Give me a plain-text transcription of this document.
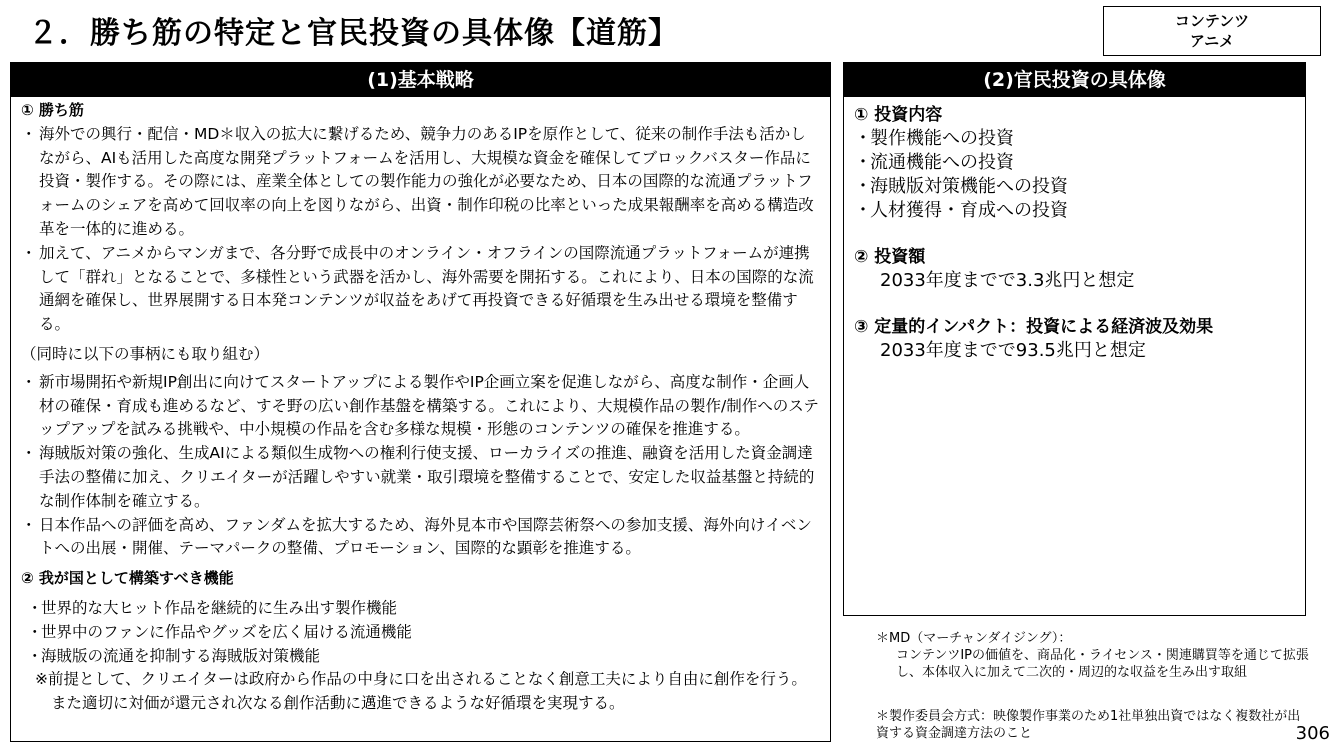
２．勝ち筋の特定と官民投資の具体像【道筋】	コンテンツ
アニメ
(1)基本戦略

① 勝ち筋

・ 海外での興行・配信・MD＊収入の拡大に繋げるため、競争力のあるIPを原作として、従来の制作手法も活かしながら、AIも活用した高度な開発プラットフォームを活用し、大規模な資金を確保してブロックバスター作品に投資・製作する。その際には、産業全体としての製作能力の強化が必要なため、日本の国際的な流通プラットフォームのシェアを高めて回収率の向上を図りながら、出資・制作印税の比率といった成果報酬率を高める構造改革を一体的に進める。

・ 加えて、アニメからマンガまで、各分野で成長中のオンライン・オフラインの国際流通プラットフォームが連携して「群れ」となることで、多様性という武器を活かし、海外需要を開拓する。これにより、日本の国際的な流通網を確保し、世界展開する日本発コンテンツが収益をあげて再投資できる好循環を生み出せる環境を整備する。

（同時に以下の事柄にも取り組む）

・ 新市場開拓や新規IP創出に向けてスタートアップによる製作やIP企画立案を促進しながら、高度な制作・企画人材の確保・育成も進めるなど、すそ野の広い創作基盤を構築する。これにより、大規模作品の製作/制作へのステップアップを試みる挑戦や、中小規模の作品を含む多様な規模・形態のコンテンツの確保を推進する。

・ 海賊版対策の強化、生成AIによる類似生成物への権利行使支援、ローカライズの推進、融資を活用した資金調達手法の整備に加え、クリエイターが活躍しやすい就業・取引環境を整備することで、安定した収益基盤と持続的な制作体制を確立する。

・ 日本作品への評価を高め、ファンダムを拡大するため、海外見本市や国際芸術祭への参加支援、海外向けイベントへの出展・開催、テーマパークの整備、プロモーション、国際的な顕彰を推進する。

② 我が国として構築すべき機能

・
世界的な大ヒット作品を継続的に生み出す製作機能

・
世界中のファンに作品やグッズを広く届ける流通機能

・
海賊版の流通を抑制する海賊版対策機能

※前提として、クリエイターは政府から作品の中身に口を出されることなく創意工夫により自由に創作を行う。また適切に対価が還元され次なる創作活動に邁進できるような好循環を実現する。

(2)官民投資の具体像

① 投資内容

・
製作機能への投資

・
流通機能への投資

・
海賊版対策機能への投資

・
人材獲得・育成への投資

② 投資額

2033年度までで3.3兆円と想定

③ 定量的インパクト：投資による経済波及効果

2033年度までで93.5兆円と想定

＊MD（マーチャンダイジング）：
コンテンツIPの価値を、商品化・ライセンス・関連購買等を通じて拡張し、本体収入に加えて二次的・周辺的な収益を生み出す取組
＊製作委員会方式：映像製作事業のため1社単独出資ではなく複数社が出資する資金調達方法のこと	306
